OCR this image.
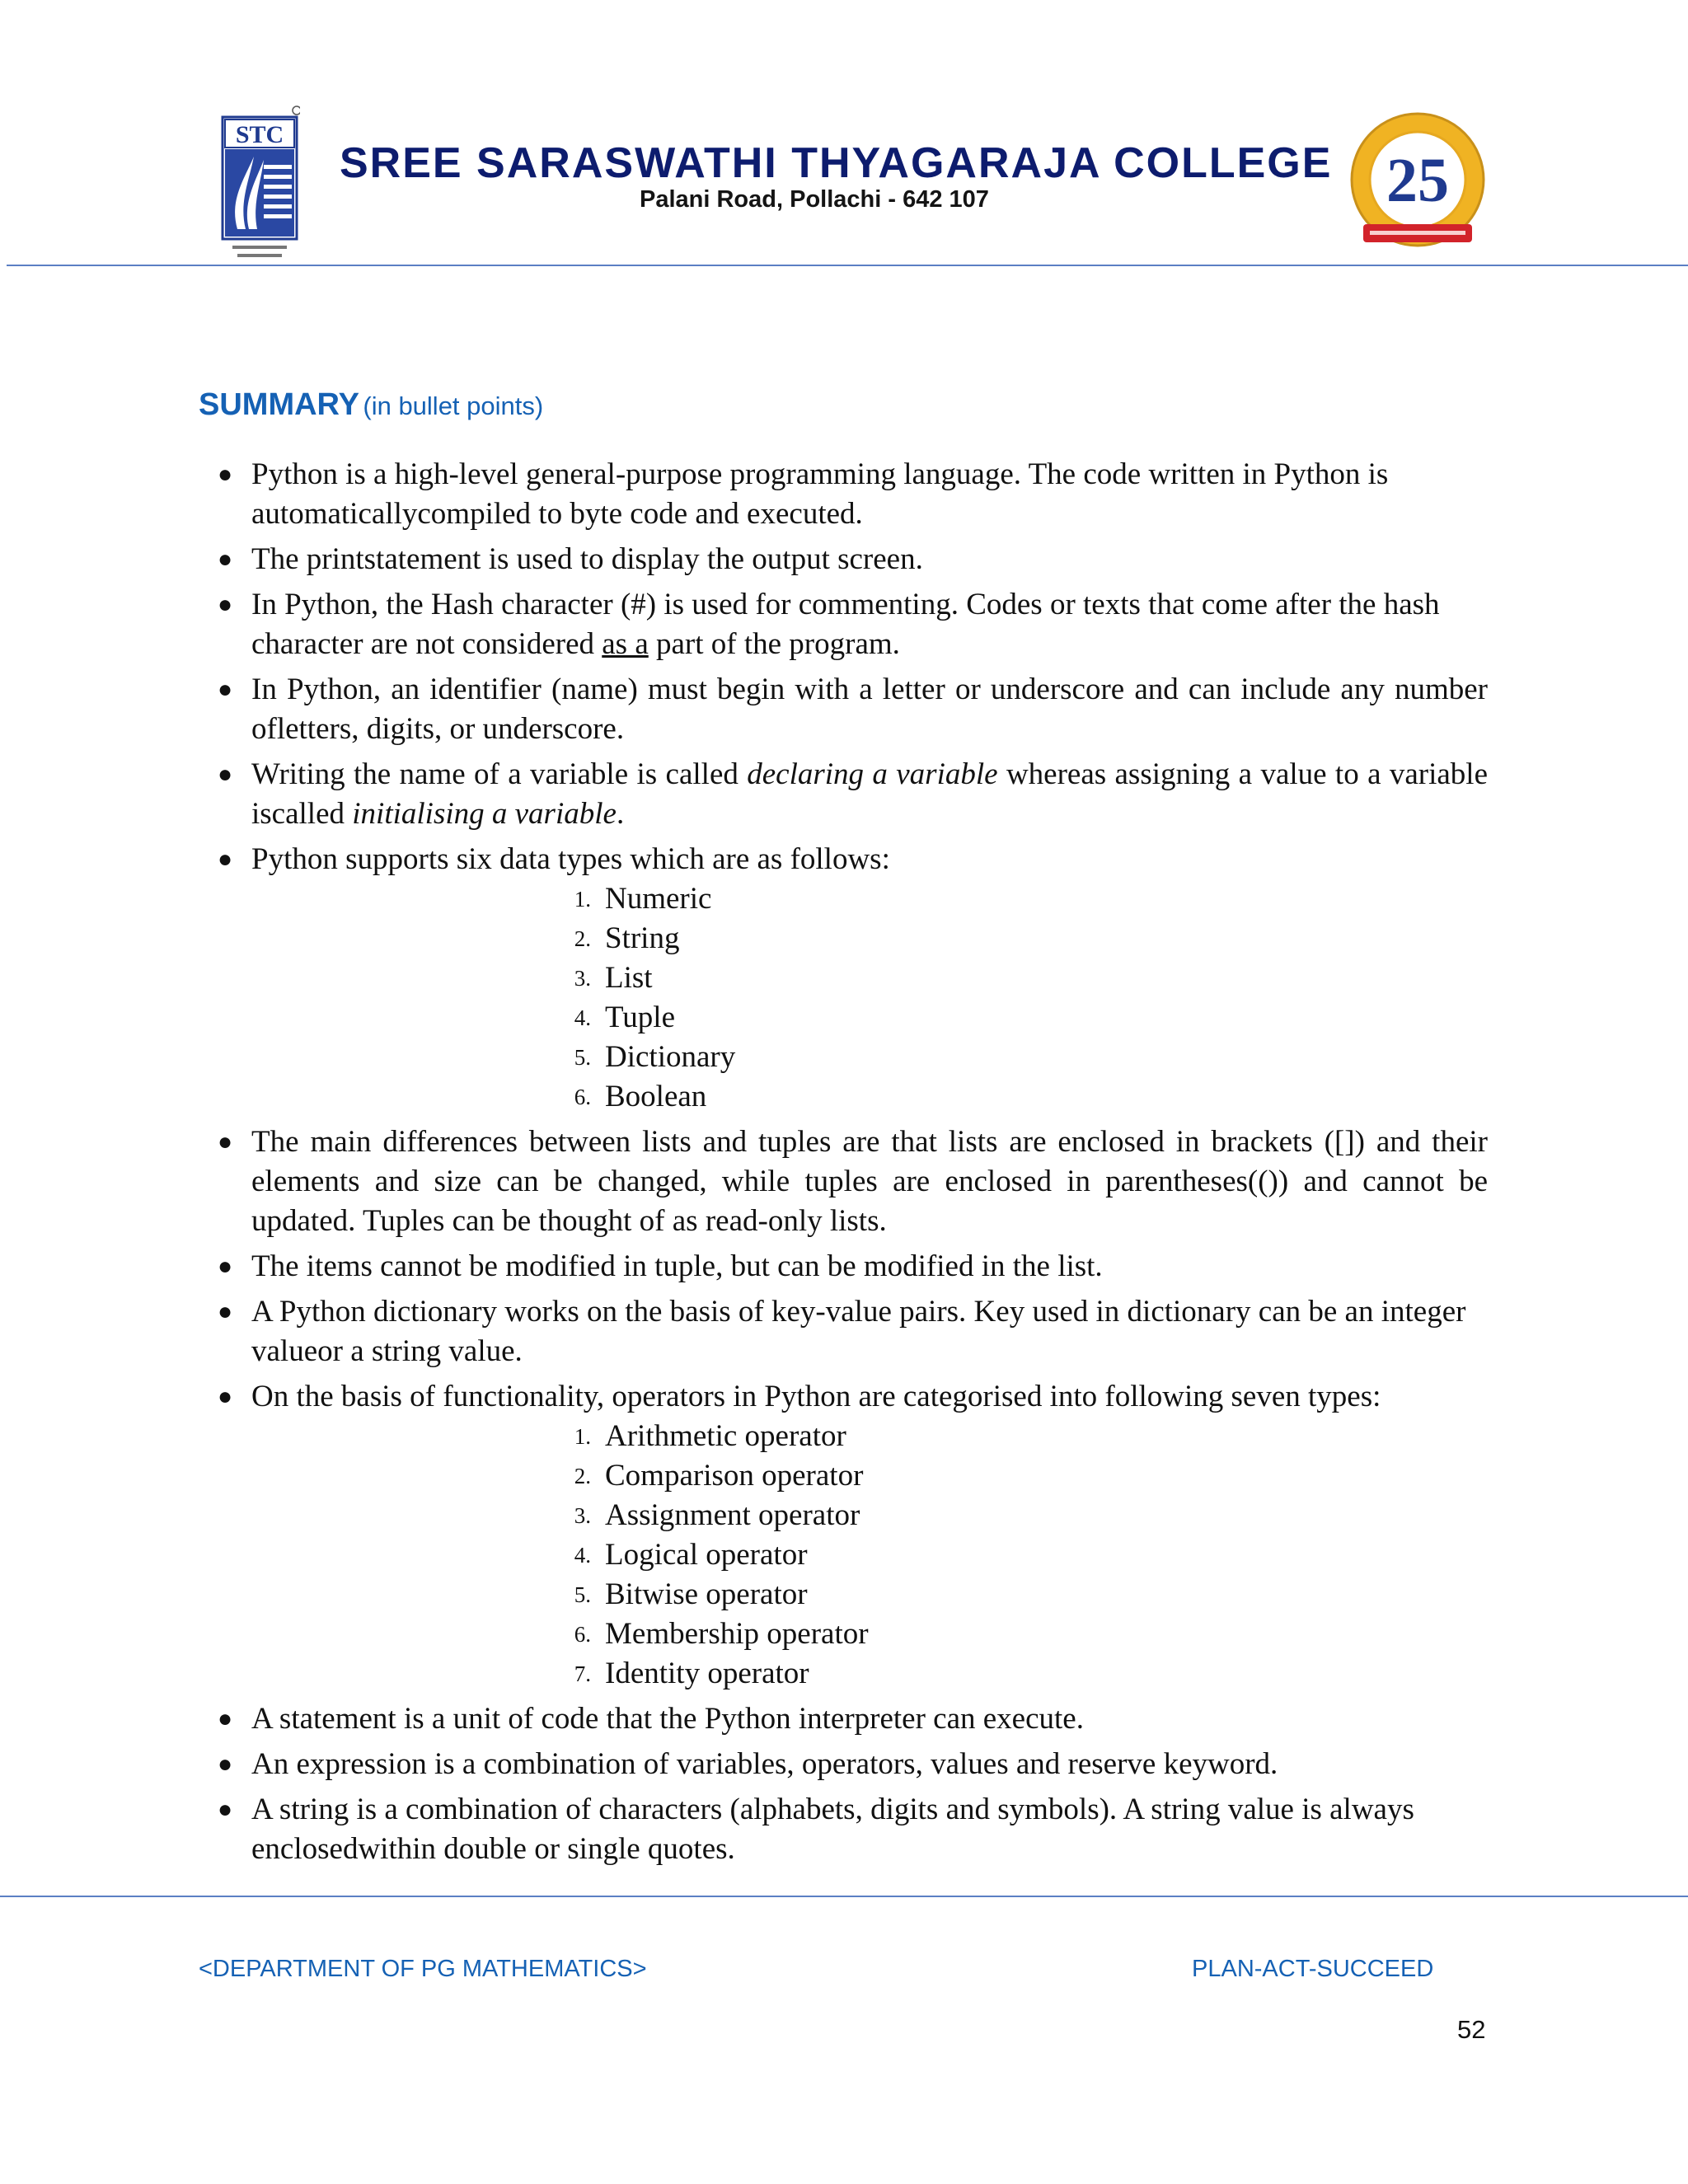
STC
SREE SARASWATHI THYAGARAJA COLLEGE
Palani Road, Pollachi - 642 107	25
SUMMARY (in bullet points)
● Python is a high-level general-purpose programming language. The code written in Python is automaticallycompiled to byte code and executed.
● The printstatement is used to display the output screen.
● In Python, the Hash character (#) is used for commenting. Codes or texts that come after the hash character are not considered as a part of the program.
● In Python, an identifier (name) must begin with a letter or underscore and can include any number ofletters, digits, or underscore.
● Writing the name of a variable is called declaring a variable whereas assigning a value to a variable iscalled initialising a variable.
● Python supports six data types which are as follows:
1. Numeric
2. String
3. List
4. Tuple
5. Dictionary
6. Boolean
● The main differences between lists and tuples are that lists are enclosed in brackets ([]) and their elements and size can be changed, while tuples are enclosed in parentheses(()) and cannot be updated. Tuples can be thought of as read-only lists.
● The items cannot be modified in tuple, but can be modified in the list.
● A Python dictionary works on the basis of key-value pairs. Key used in dictionary can be an integer valueor a string value.
● On the basis of functionality, operators in Python are categorised into following seven types:
1. Arithmetic operator
2. Comparison operator
3. Assignment operator
4. Logical operator
5. Bitwise operator
6. Membership operator
7. Identity operator
● A statement is a unit of code that the Python interpreter can execute.
● An expression is a combination of variables, operators, values and reserve keyword.
● A string is a combination of characters (alphabets, digits and symbols). A string value is always enclosedwithin double or single quotes.
<DEPARTMENT OF PG MATHEMATICS>	PLAN-ACT-SUCCEED
52
